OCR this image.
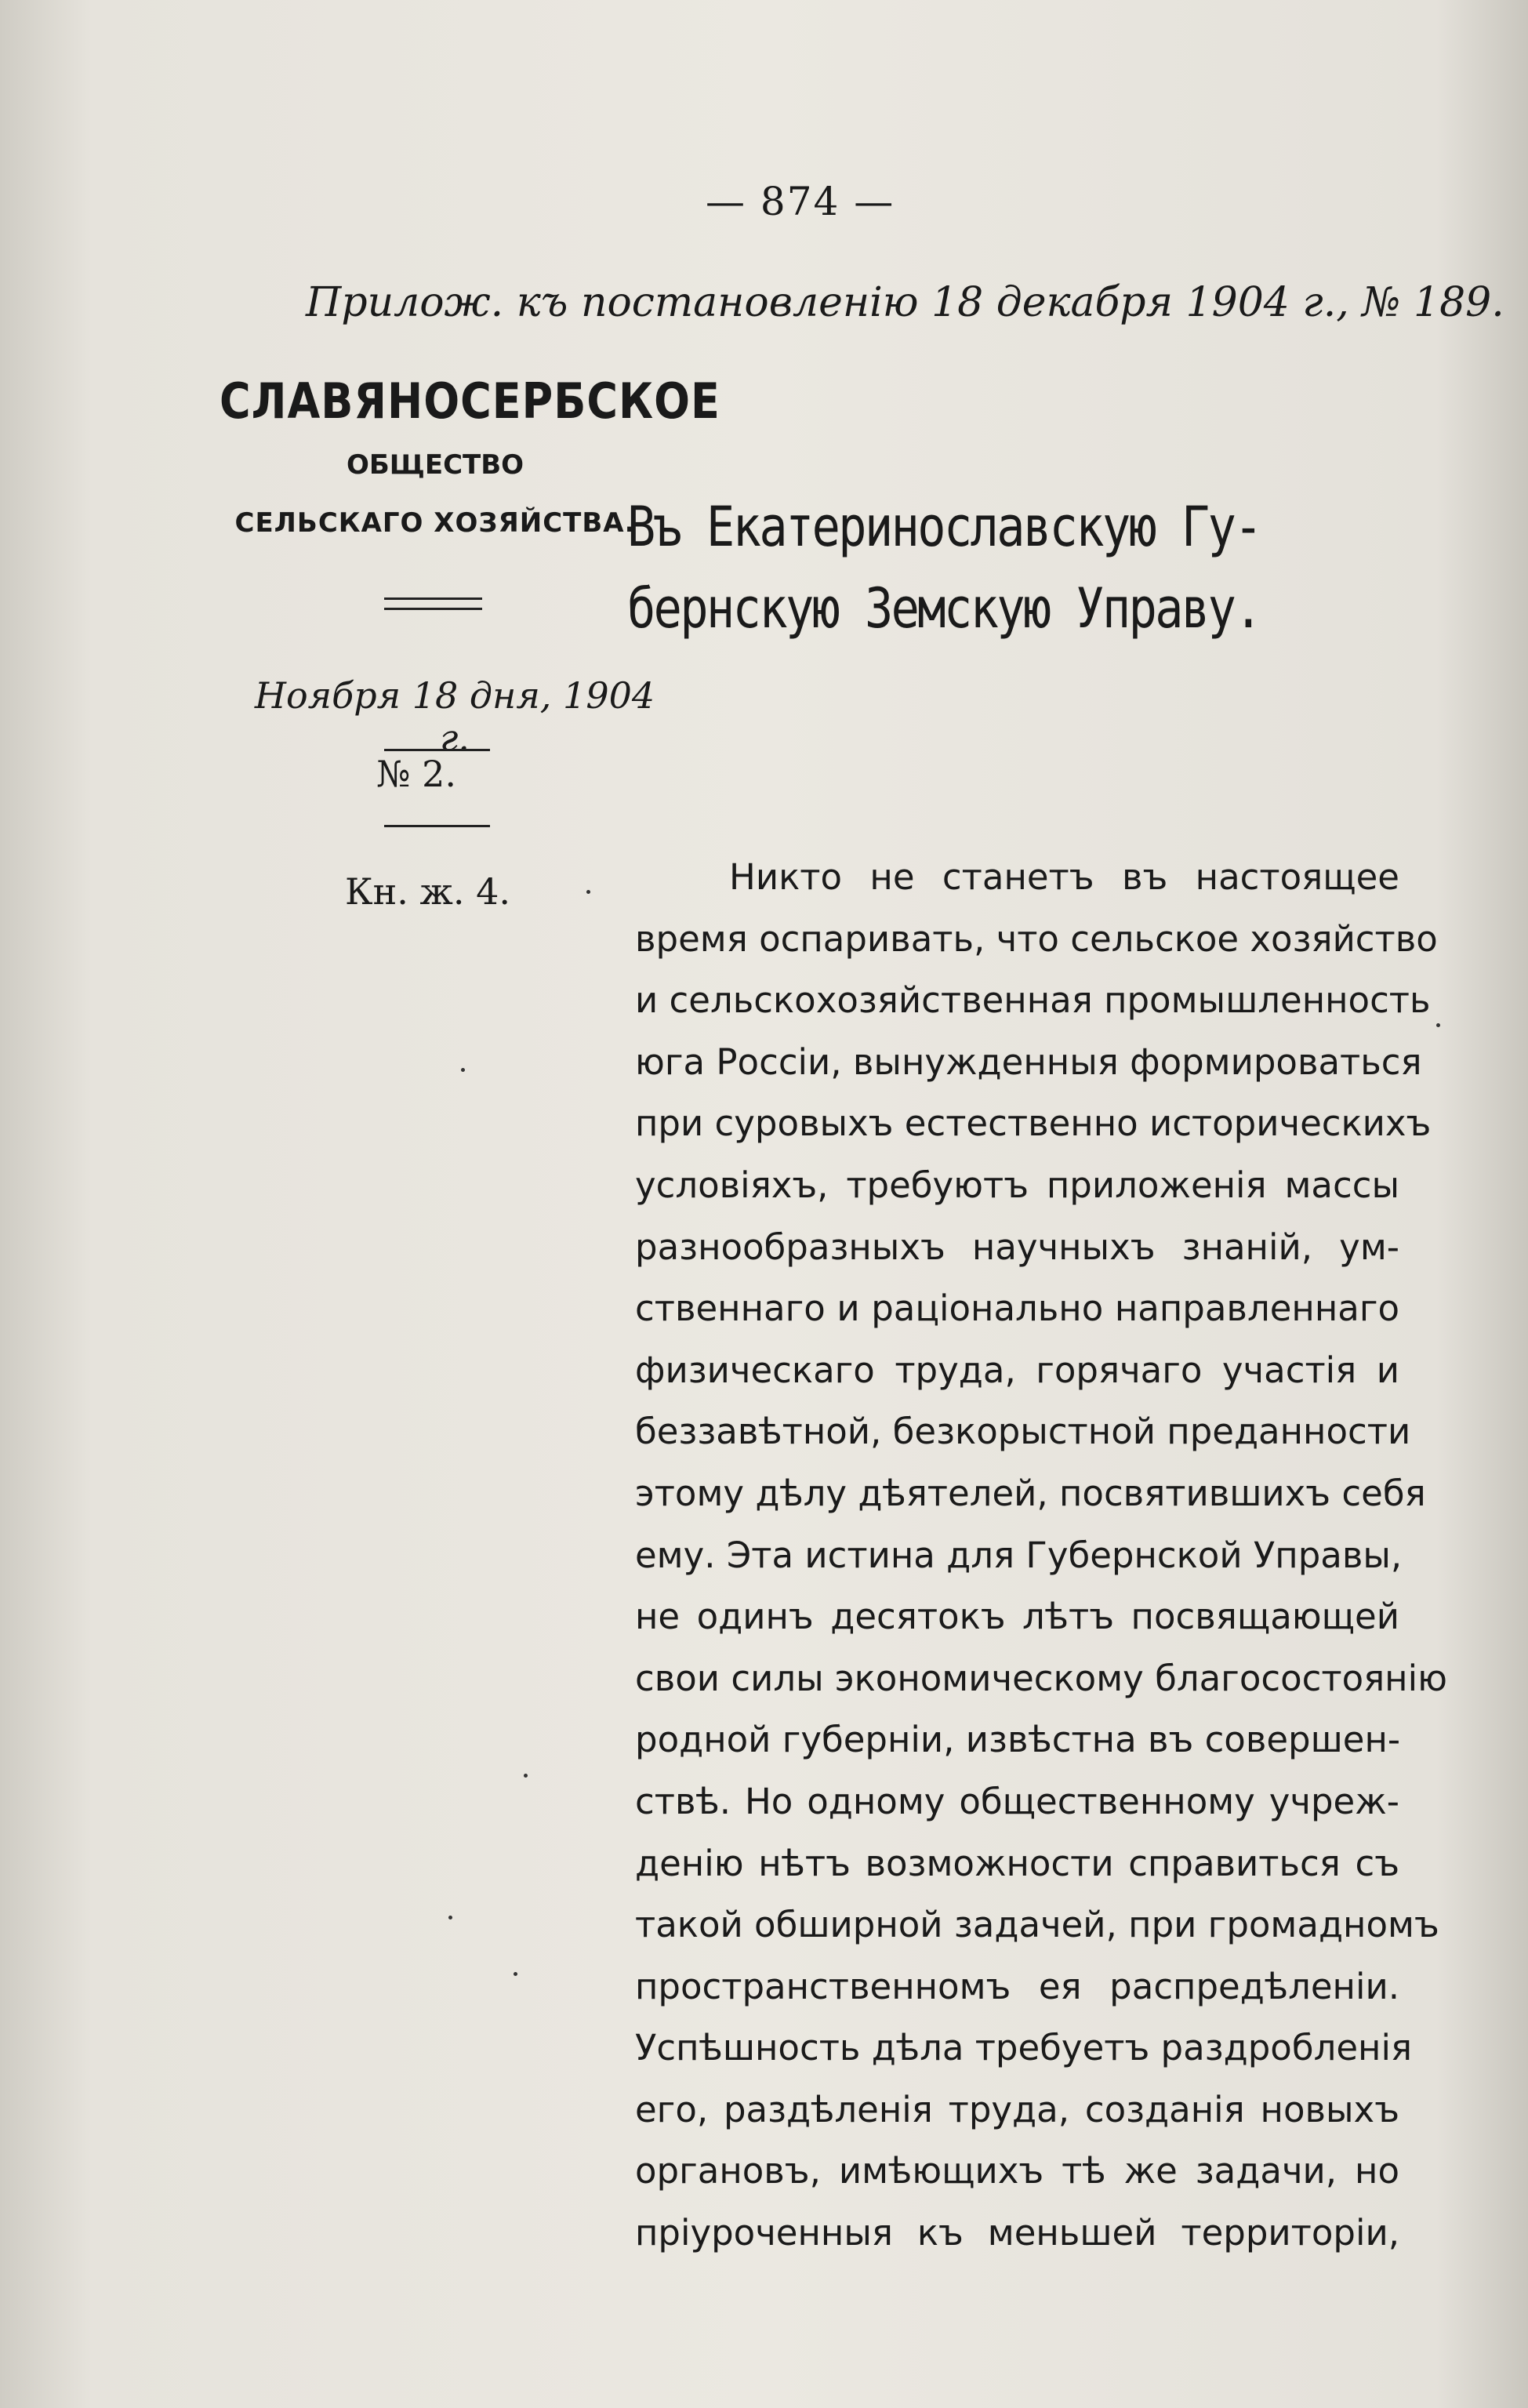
— 874 —
Прилож. къ постановленію 18 декабря 1904 г., № 189.
СЛАВЯНОСЕРБСКОЕ
ОБЩЕСТВО
СЕЛЬСКАГО ХОЗЯЙСТВА.
Ноября 18 дня, 1904 г.
№ 2.
Кн. ж. 4.
Въ Екатеринославскую Гу-
бернскую Земскую Управу.
Никто не станетъ въ настоящее
время оспаривать, что сельское хозяйство
и сельскохозяйственная промышленность
юга Россіи, вынужденныя формироваться
при суровыхъ естественно историческихъ
условіяхъ, требуютъ приложенія массы
разнообразныхъ научныхъ знаній, ум-
ственнаго и раціонально направленнаго
физическаго труда, горячаго участія и
беззавѣтной, безкорыстной преданности
этому дѣлу дѣятелей, посвятившихъ себя
ему. Эта истина для Губернской Управы,
не одинъ десятокъ лѣтъ посвящающей
свои силы экономическому благосостоянію
родной губерніи, извѣстна въ совершен-
ствѣ. Но одному общественному учреж-
денію нѣтъ возможности справиться съ
такой обширной задачей, при громадномъ
пространственномъ ея распредѣленіи.
Успѣшность дѣла требуетъ раздробленія
его, раздѣленія труда, созданія новыхъ
органовъ, имѣющихъ тѣ же задачи, но
пріуроченныя къ меньшей территоріи,
